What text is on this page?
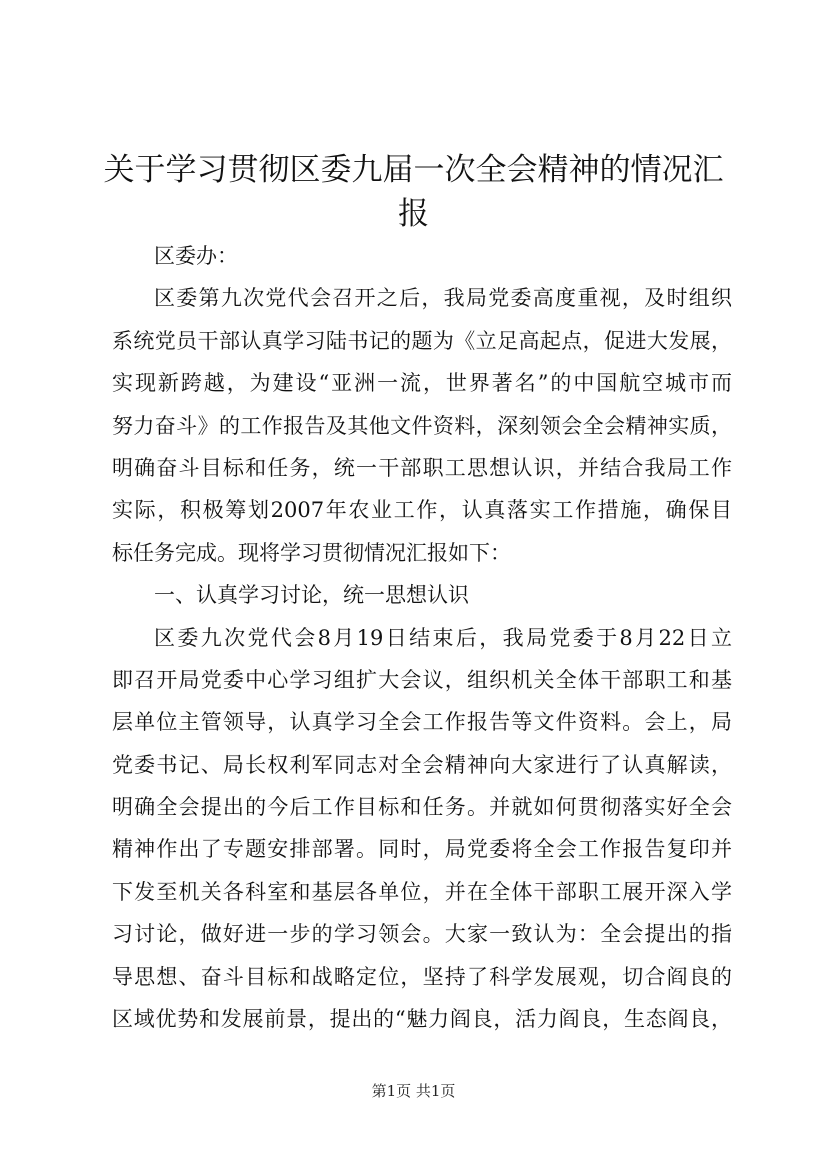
关于学习贯彻区委九届一次全会精神的情况汇
报
区委办：
区委第九次党代会召开之后，我局党委高度重视，及时组织
系统党员干部认真学习陆书记的题为《立足高起点，促进大发展，
实现新跨越，为建设“亚洲一流，世界著名”的中国航空城市而
努力奋斗》的工作报告及其他文件资料，深刻领会全会精神实质，
明确奋斗目标和任务，统一干部职工思想认识，并结合我局工作
实际，积极筹划2007年农业工作，认真落实工作措施，确保目
标任务完成。现将学习贯彻情况汇报如下：
一、认真学习讨论，统一思想认识
区委九次党代会8月19日结束后，我局党委于8月22日立
即召开局党委中心学习组扩大会议，组织机关全体干部职工和基
层单位主管领导，认真学习全会工作报告等文件资料。会上，局
党委书记、局长权利军同志对全会精神向大家进行了认真解读，
明确全会提出的今后工作目标和任务。并就如何贯彻落实好全会
精神作出了专题安排部署。同时，局党委将全会工作报告复印并
下发至机关各科室和基层各单位，并在全体干部职工展开深入学
习讨论，做好进一步的学习领会。大家一致认为：全会提出的指
导思想、奋斗目标和战略定位，坚持了科学发展观，切合阎良的
区域优势和发展前景，提出的“魅力阎良，活力阎良，生态阎良，
第1页 共1页
